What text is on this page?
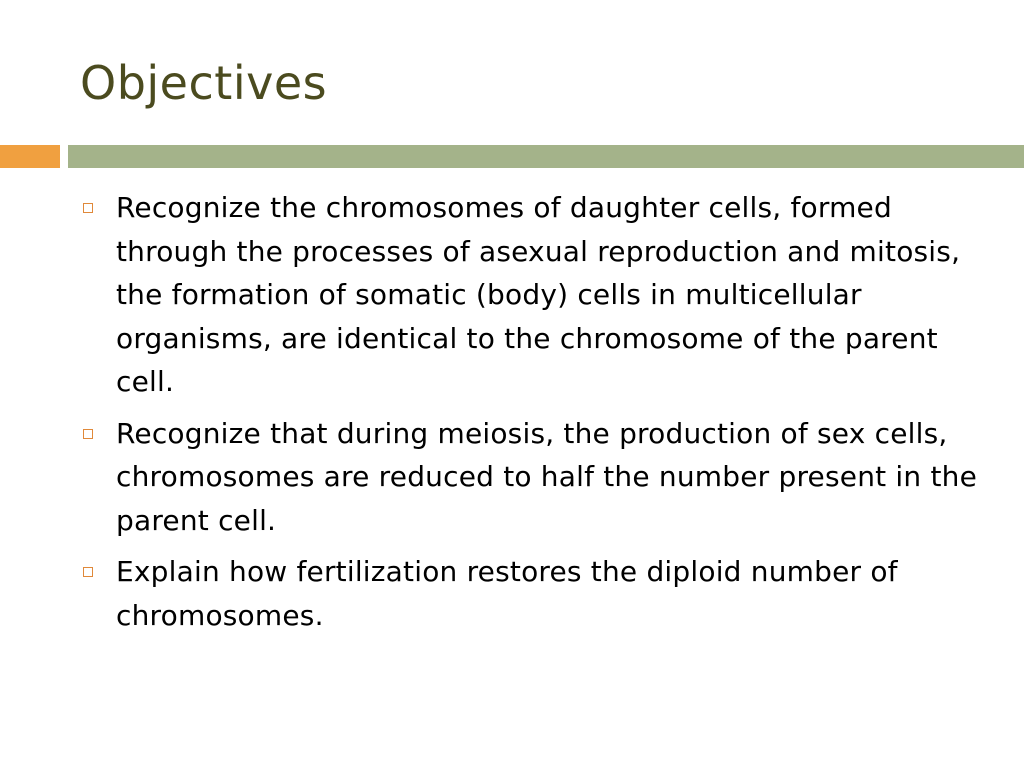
Objectives
Recognize the chromosomes of daughter cells, formed through the processes of asexual reproduction and mitosis, the formation of somatic (body) cells in multicellular organisms, are identical to the chromosome of the parent cell.
Recognize that during meiosis, the production of sex cells, chromosomes are reduced to half the number present in the parent cell.
Explain how fertilization restores the diploid number of chromosomes.
